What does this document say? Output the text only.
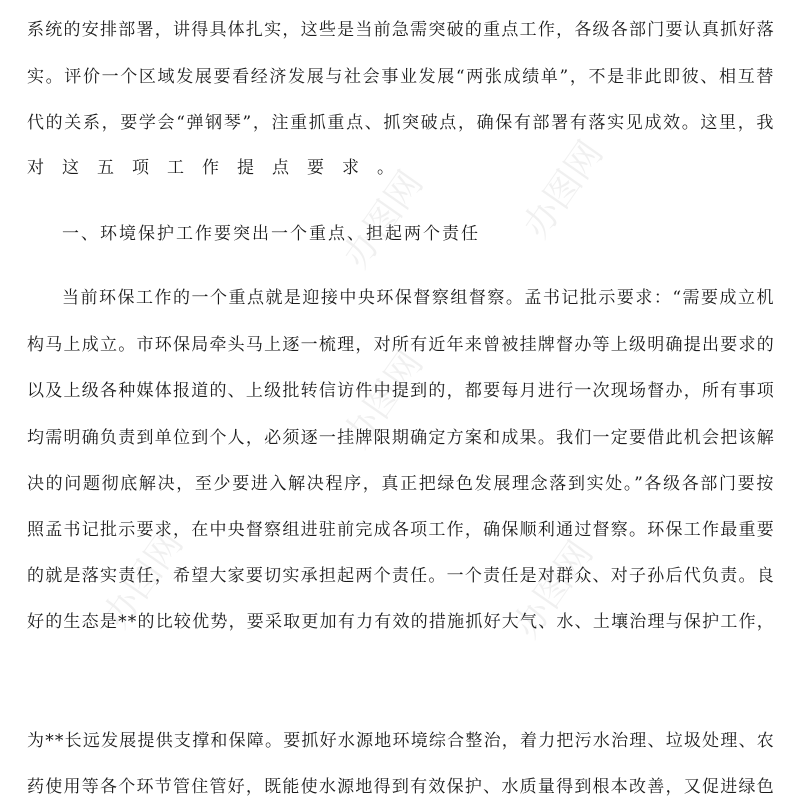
办图网 办图网
办图网
办图网	办图网
系统的安排部署，讲得具体扎实，这些是当前急需突破的重点工作，各级各部门要认真抓好落
实。评价一个区域发展要看经济发展与社会事业发展“两张成绩单”，不是非此即彼、相互替
代的关系，要学会“弹钢琴”，注重抓重点、抓突破点，确保有部署有落实见成效。这里，我
对这五项工作提点要求。
一、环境保护工作要突出一个重点、担起两个责任
当前环保工作的一个重点就是迎接中央环保督察组督察。孟书记批示要求：“需要成立机
构马上成立。市环保局牵头马上逐一梳理，对所有近年来曾被挂牌督办等上级明确提出要求的
以及上级各种媒体报道的、上级批转信访件中提到的，都要每月进行一次现场督办，所有事项
均需明确负责到单位到个人，必须逐一挂牌限期确定方案和成果。我们一定要借此机会把该解
决的问题彻底解决，至少要进入解决程序，真正把绿色发展理念落到实处。”各级各部门要按
照孟书记批示要求，在中央督察组进驻前完成各项工作，确保顺利通过督察。环保工作最重要
的就是落实责任，希望大家要切实承担起两个责任。一个责任是对群众、对子孙后代负责。良
好的生态是**的比较优势，要采取更加有力有效的措施抓好大气、水、土壤治理与保护工作，
为**长远发展提供支撑和保障。要抓好水源地环境综合整治，着力把污水治理、垃圾处理、农
药使用等各个环节管住管好，既能使水源地得到有效保护、水质量得到根本改善，又促进绿色
